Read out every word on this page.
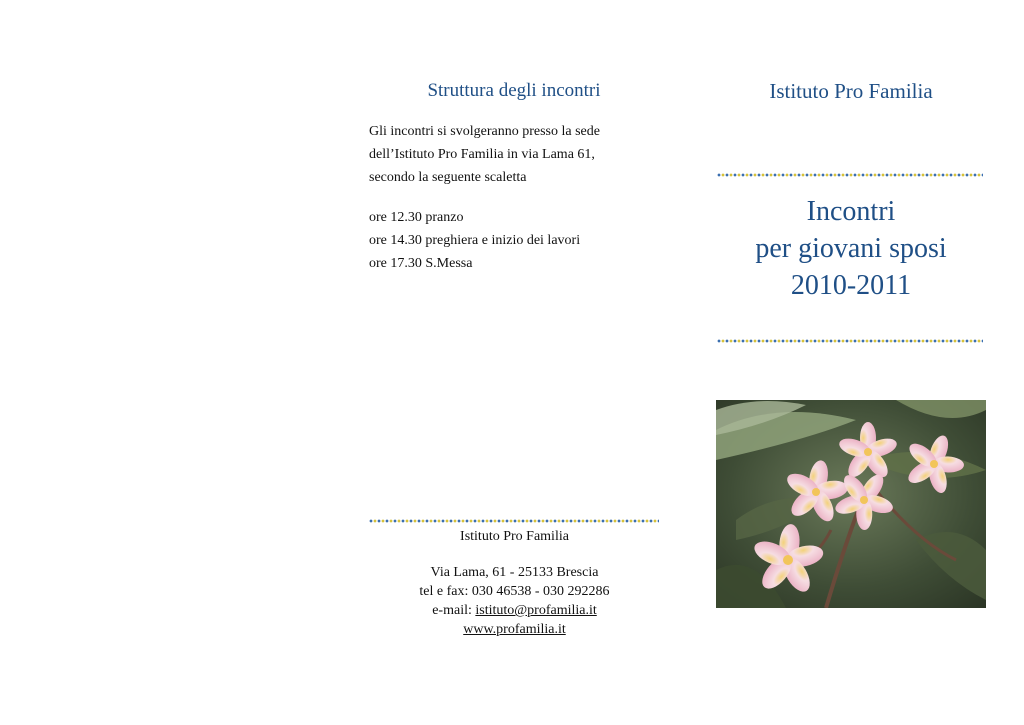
Struttura degli incontri
Gli incontri si svolgeranno presso la sede
dell’Istituto Pro Familia in via Lama 61,
secondo la seguente scaletta
ore 12.30 pranzo
ore 14.30 preghiera e inizio dei lavori
ore 17.30 S.Messa
Istituto Pro Familia
Via Lama, 61 - 25133 Brescia
tel e fax: 030 46538 - 030 292286
e-mail: istituto@profamilia.it
www.profamilia.it
Istituto Pro Familia
Incontri
per giovani sposi
2010-2011
